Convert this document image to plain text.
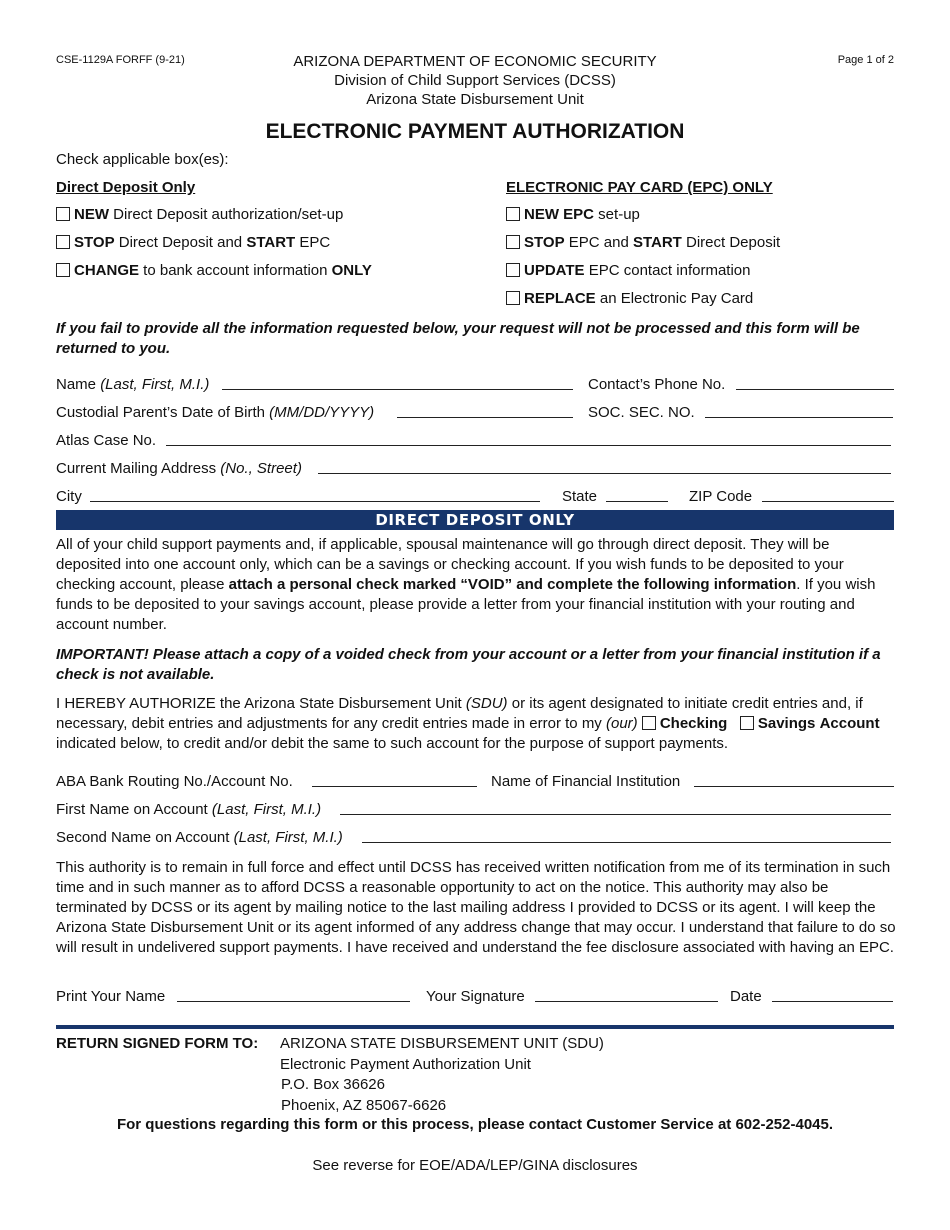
CSE-1129A FORFF (9-21)	Page 1 of 2
ARIZONA DEPARTMENT OF ECONOMIC SECURITY
Division of Child Support Services (DCSS)
Arizona State Disbursement Unit
ELECTRONIC PAYMENT AUTHORIZATION
Check applicable box(es):
Direct Deposit Only
NEW Direct Deposit authorization/set-up
STOP Direct Deposit and START EPC
CHANGE to bank account information ONLY
ELECTRONIC PAY CARD (EPC) ONLY
NEW EPC set-up
STOP EPC and START Direct Deposit
UPDATE EPC contact information
REPLACE an Electronic Pay Card
If you fail to provide all the information requested below, your request will not be processed and this form will be returned to you.
Name (Last, First, M.I.)	Contact’s Phone No.
Custodial Parent’s Date of Birth (MM/DD/YYYY)	SOC. SEC. NO.
Atlas Case No.
Current Mailing Address (No., Street)
City	State	ZIP Code
DIRECT DEPOSIT ONLY
All of your child support payments and, if applicable, spousal maintenance will go through direct deposit. They will be deposited into one account only, which can be a savings or checking account. If you wish funds to be deposited to your checking account, please attach a personal check marked “VOID” and complete the following information. If you wish funds to be deposited to your savings account, please provide a letter from your financial institution with your routing and account number.
IMPORTANT! Please attach a copy of a voided check from your account or a letter from your financial institution if a check is not available.
I HEREBY AUTHORIZE the Arizona State Disbursement Unit (SDU) or its agent designated to initiate credit entries and, if necessary, debit entries and adjustments for any credit entries made in error to my (our) Checking Savings Account indicated below, to credit and/or debit the same to such account for the purpose of support payments.
ABA Bank Routing No./Account No.	Name of Financial Institution
First Name on Account (Last, First, M.I.)
Second Name on Account (Last, First, M.I.)
This authority is to remain in full force and effect until DCSS has received written notification from me of its termination in such time and in such manner as to afford DCSS a reasonable opportunity to act on the notice. This authority may also be terminated by DCSS or its agent by mailing notice to the last mailing address I provided to DCSS or its agent. I will keep the Arizona State Disbursement Unit or its agent informed of any address change that may occur. I understand that failure to do so will result in undelivered support payments. I have received and understand the fee disclosure associated with having an EPC.
Print Your Name	Your Signature	Date
RETURN SIGNED FORM TO: ARIZONA STATE DISBURSEMENT UNIT (SDU)
Electronic Payment Authorization Unit
P.O. Box 36626
Phoenix, AZ 85067-6626
For questions regarding this form or this process, please contact Customer Service at 602-252-4045.
See reverse for EOE/ADA/LEP/GINA disclosures
